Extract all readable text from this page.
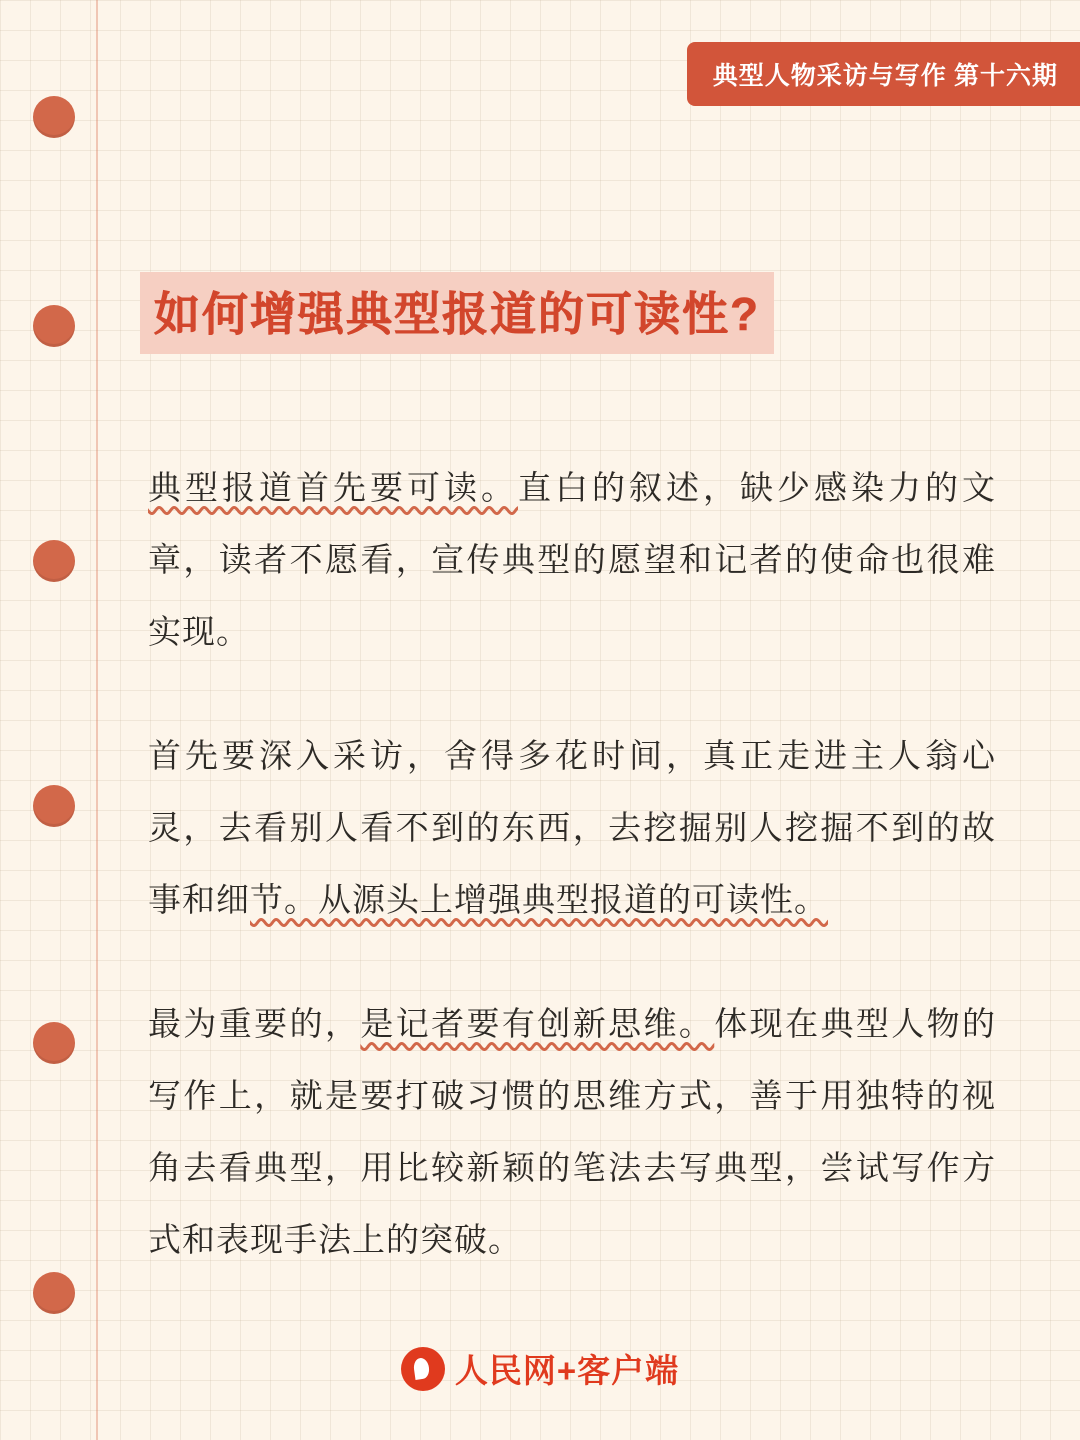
典型人物采访与写作 第十六期
如何增强典型报道的可读性?

典型报道首先要可读。直白的叙述，缺少感染力的文章，读者不愿看，宣传典型的愿望和记者的使命也很难实现。

首先要深入采访，舍得多花时间，真正走进主人翁心灵，去看别人看不到的东西，去挖掘别人挖掘不到的故事和细节。从源头上增强典型报道的可读性。

最为重要的，是记者要有创新思维。体现在典型人物的写作上，就是要打破习惯的思维方式，善于用独特的视角去看典型，用比较新颖的笔法去写典型，尝试写作方式和表现手法上的突破。

人民网+客户端
